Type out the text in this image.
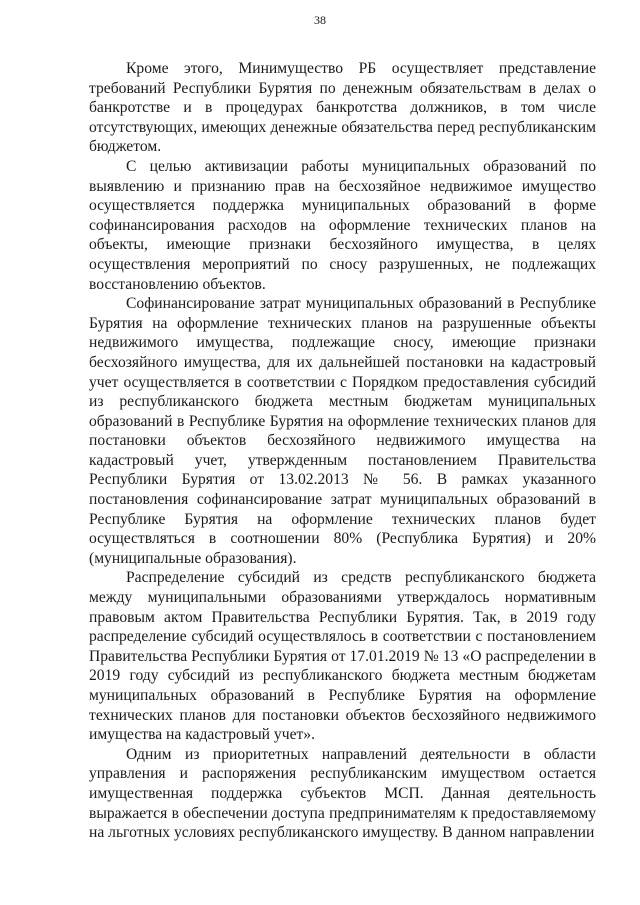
38

Кроме этого, Минимущество РБ осуществляет представление требований Республики Бурятия по денежным обязательствам в делах о банкротстве и в процедурах банкротства должников, в том числе отсутствующих, имеющих денежные обязательства перед республиканским бюджетом.

С целью активизации работы муниципальных образований по выявлению и признанию прав на бесхозяйное недвижимое имущество осуществляется поддержка муниципальных образований в форме софинансирования расходов на оформление технических планов на объекты, имеющие признаки бесхозяйного имущества, в целях осуществления мероприятий по сносу разрушенных, не подлежащих восстановлению объектов.

Софинансирование затрат муниципальных образований в Республике Бурятия на оформление технических планов на разрушенные объекты недвижимого имущества, подлежащие сносу, имеющие признаки бесхозяйного имущества, для их дальнейшей постановки на кадастровый учет осуществляется в соответствии с Порядком предоставления субсидий из республиканского бюджета местным бюджетам муниципальных образований в Республике Бурятия на оформление технических планов для постановки объектов бесхозяйного недвижимого имущества на кадастровый учет, утвержденным постановлением Правительства Республики Бурятия от 13.02.2013 № 56. В рамках указанного постановления софинансирование затрат муниципальных образований в Республике Бурятия на оформление технических планов будет осуществляться в соотношении 80% (Республика Бурятия) и 20% (муниципальные образования).

Распределение субсидий из средств республиканского бюджета между муниципальными образованиями утверждалось нормативным правовым актом Правительства Республики Бурятия. Так, в 2019 году распределение субсидий осуществлялось в соответствии с постановлением Правительства Республики Бурятия от 17.01.2019 № 13 «О распределении в 2019 году субсидий из республиканского бюджета местным бюджетам муниципальных образований в Республике Бурятия на оформление технических планов для постановки объектов бесхозяйного недвижимого имущества на кадастровый учет».

Одним из приоритетных направлений деятельности в области управления и распоряжения республиканским имуществом остается имущественная поддержка субъектов МСП. Данная деятельность выражается в обеспечении доступа предпринимателям к предоставляемому на льготных условиях республиканского имуществу. В данном направлении
